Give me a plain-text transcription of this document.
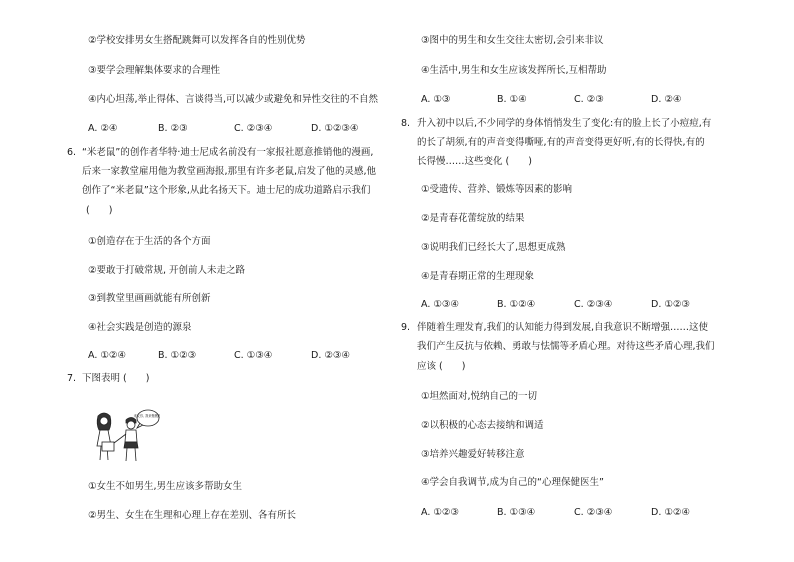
②学校安排男女生搭配跳舞可以发挥各自的性别优势
③要学会理解集体要求的合理性
④内心坦荡,举止得体、言谈得当,可以减少或避免和异性交往的不自然
A. ②④	B. ②③	C. ②③④	D. ①②③④
6. “米老鼠”的创作者华特·迪士尼成名前没有一家报社愿意推销他的漫画,
后来一家教堂雇用他为教堂画海报,那里有许多老鼠,启发了他的灵感,他
创作了“米老鼠”这个形象,从此名扬天下。迪士尼的成功道路启示我们
(　　)
①创造存在于生活的各个方面
②要敢于打破常规, 开创前人未走之路
③到教堂里画画就能有所创新
④社会实践是创造的源泉
A. ①②④	B. ①②③	C. ①③④	D. ②③④
7. 下图表明 (　　)
来友你, 我来搬搬吧!
①女生不如男生,男生应该多帮助女生
②男生、女生在生理和心理上存在差别、各有所长
③图中的男生和女生交往太密切,会引来非议
④生活中,男生和女生应该发挥所长,互相帮助
A. ①③	B. ①④	C. ②③	D. ②④
8. 升入初中以后,不少同学的身体悄悄发生了变化:有的脸上长了小痘痘,有
的长了胡须,有的声音变得嘶哑,有的声音变得更好听,有的长得快,有的
长得慢……这些变化 (　　)
①受遗传、营养、锻炼等因素的影响
②是青春花蕾绽放的结果
③说明我们已经长大了,思想更成熟
④是青春期正常的生理现象
A. ①③④	B. ①②④	C. ②③④	D. ①②③
9. 伴随着生理发育,我们的认知能力得到发展,自我意识不断增强……这使
我们产生反抗与依赖、勇敢与怯懦等矛盾心理。对待这些矛盾心理,我们
应该 (　　)
①坦然面对,悦纳自己的一切
②以积极的心态去接纳和调适
③培养兴趣爱好转移注意
④学会自我调节,成为自己的“心理保健医生”
A. ①②③	B. ①③④	C. ②③④	D. ①②④
